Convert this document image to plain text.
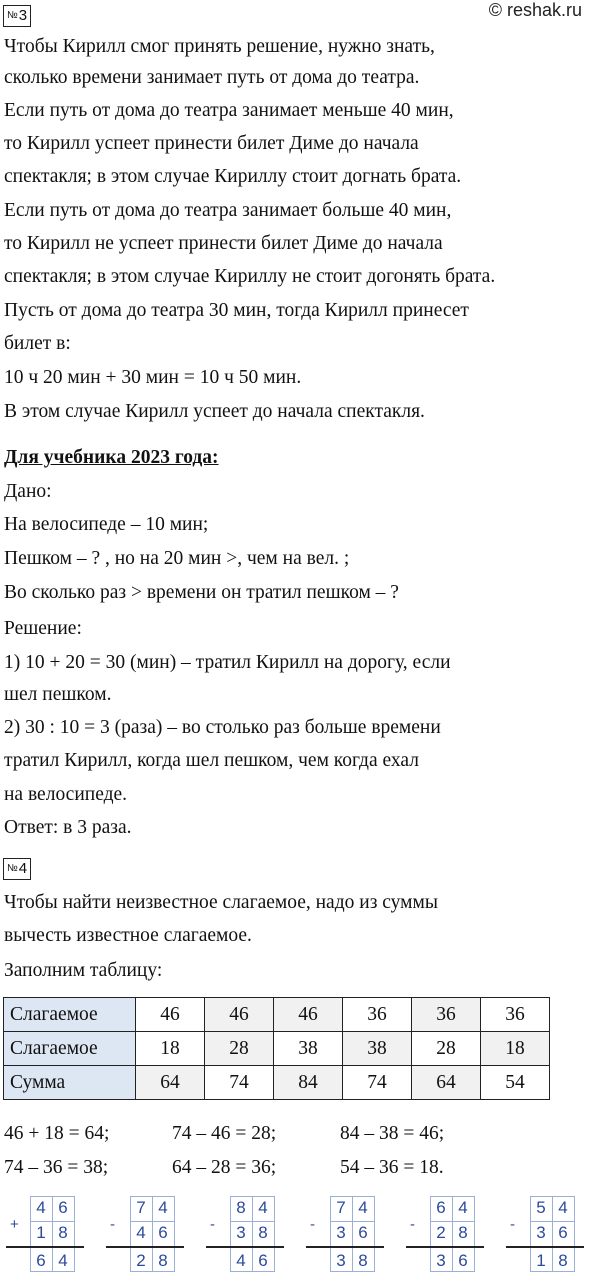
№3	© reshak.ru
Чтобы Кирилл смог принять решение, нужно знать,
сколько времени занимает путь от дома до театра.
Если путь от дома до театра занимает меньше 40 мин,
то Кирилл успеет принести билет Диме до начала
спектакля; в этом случае Кириллу стоит догнать брата.
Если путь от дома до театра занимает больше 40 мин,
то Кирилл не успеет принести билет Диме до начала
спектакля; в этом случае Кириллу не стоит догонять брата.
Пусть от дома до театра 30 мин, тогда Кирилл принесет
билет в:
10 ч 20 мин + 30 мин = 10 ч 50 мин.
В этом случае Кирилл успеет до начала спектакля.
Для учебника 2023 года:
Дано:
На велосипеде – 10 мин;
Пешком – ? , но на 20 мин >, чем на вел. ;
Во сколько раз > времени он тратил пешком – ?
Решение:
1) 10 + 20 = 30 (мин) – тратил Кирилл на дорогу, если
шел пешком.
2) 30 : 10 = 3 (раза) – во столько раз больше времени
тратил Кирилл, когда шел пешком, чем когда ехал
на велосипеде.
Ответ: в 3 раза.
№4
Чтобы найти неизвестное слагаемое, надо из суммы
вычесть известное слагаемое.
Заполним таблицу:
Слагаемое	46	46	46	36	36	36
Слагаемое	18	28	38	38	28	18
Сумма	64	74	84	74	64	54
46 + 18 = 64;	74 – 46 = 28;	84 – 38 = 46;
74 – 36 = 38;	64 – 28 = 36;	54 – 36 = 18.
+
4 6
1 8
6 4
-
7 4
4 6
2 8
-
8 4
3 8
4 6
-
7 4
3 6
3 8
-
6 4
2 8
3 6
-
5 4
3 6
1 8
